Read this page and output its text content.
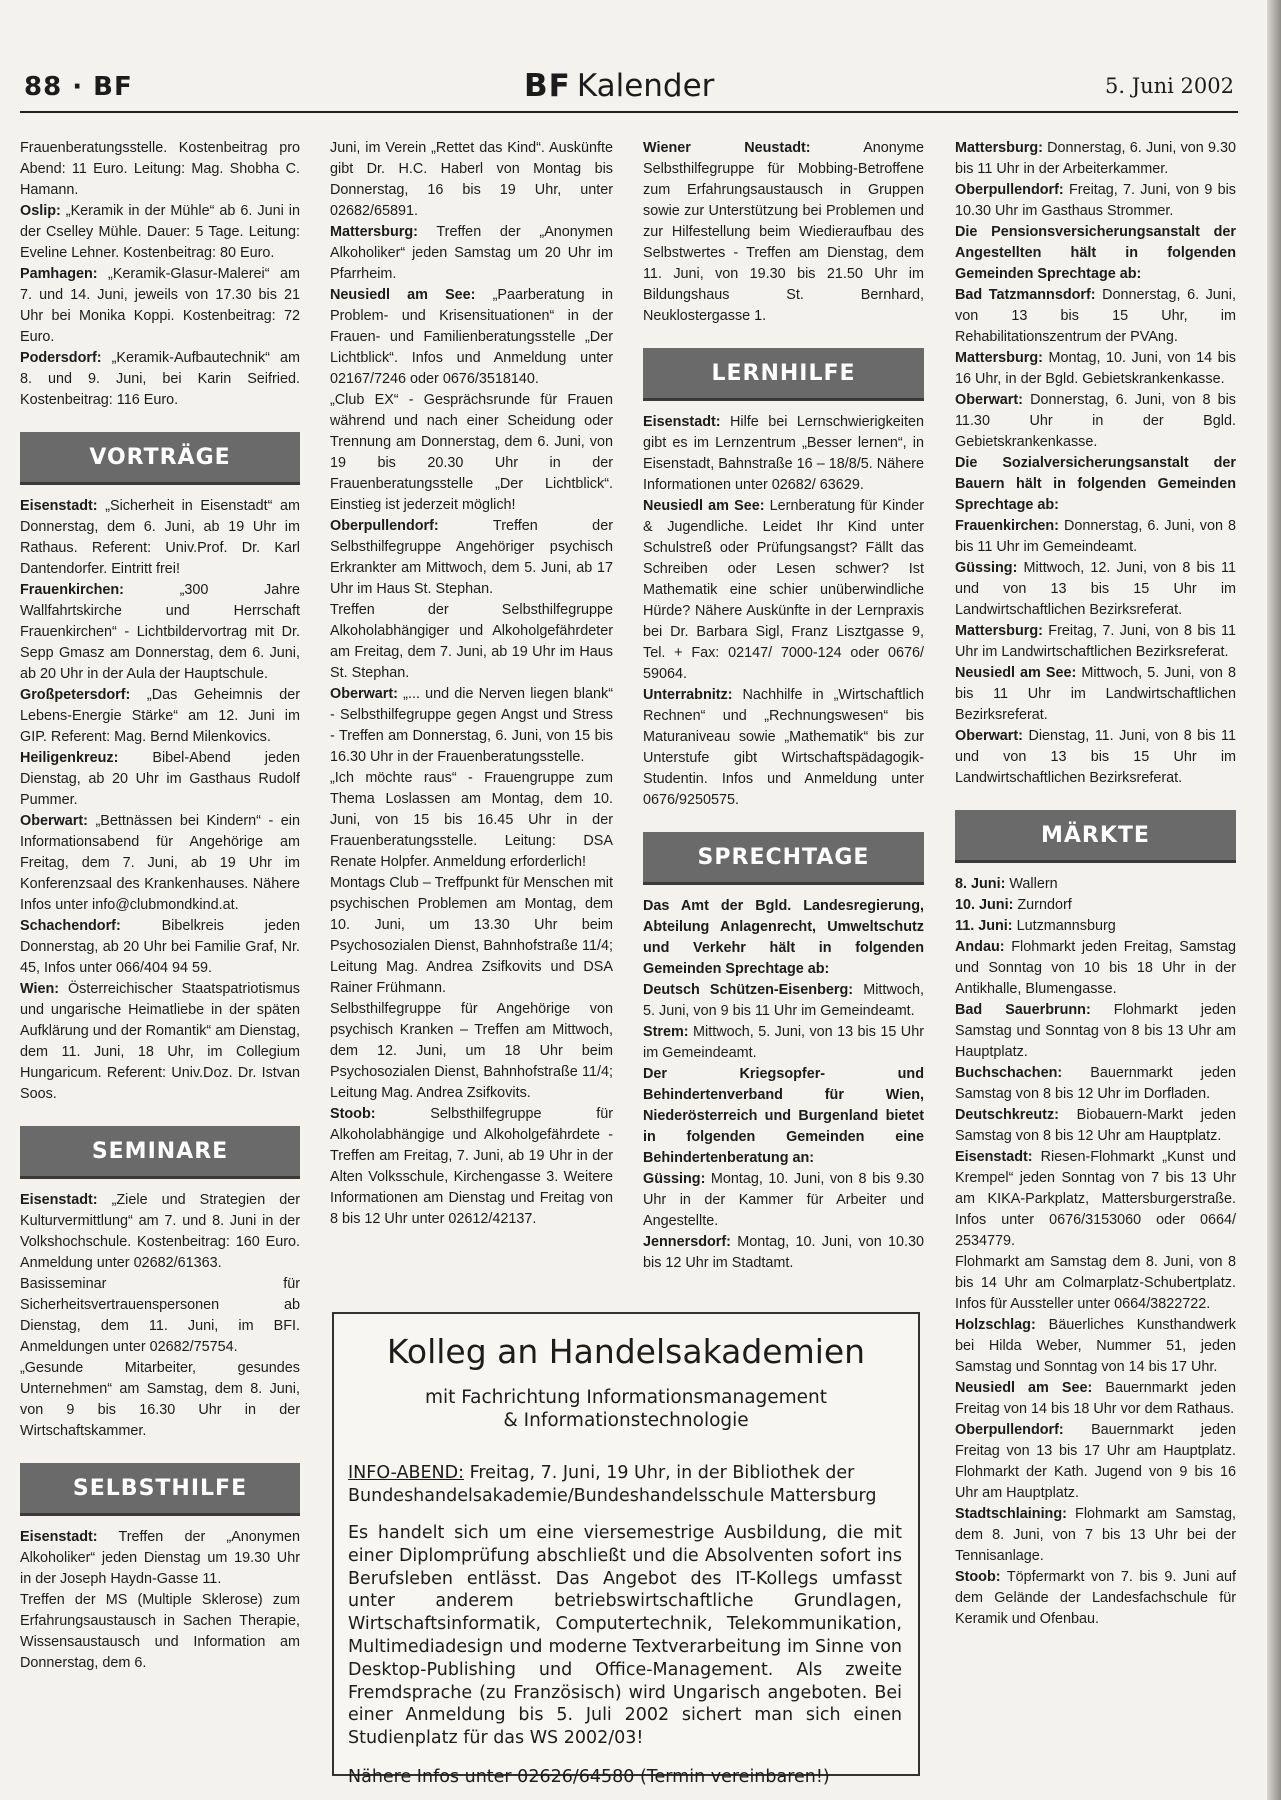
88 · BF	BF Kalender	5. Juni 2002

Frauenberatungsstelle. Kostenbeitrag pro Abend: 11 Euro. Leitung: Mag. Shobha C. Hamann.

Oslip: „Keramik in der Mühle“ ab 6. Juni in der Cselley Mühle. Dauer: 5 Tage. Leitung: Eveline Lehner. Kostenbeitrag: 80 Euro.

Pamhagen: „Keramik-Glasur-Malerei“ am 7. und 14. Juni, jeweils von 17.30 bis 21 Uhr bei Monika Koppi. Kostenbeitrag: 72 Euro.

Podersdorf: „Keramik-Aufbautechnik“ am 8. und 9. Juni, bei Karin Seifried. Kostenbeitrag: 116 Euro.

VORTRÄGE

Eisenstadt: „Sicherheit in Eisenstadt“ am Donnerstag, dem 6. Juni, ab 19 Uhr im Rathaus. Referent: Univ.Prof. Dr. Karl Dantendorfer. Eintritt frei!

Frauenkirchen: „300 Jahre Wallfahrtskirche und Herrschaft Frauenkirchen“ - Lichtbildervortrag mit Dr. Sepp Gmasz am Donnerstag, dem 6. Juni, ab 20 Uhr in der Aula der Hauptschule.

Großpetersdorf: „Das Geheimnis der Lebens-Energie Stärke“ am 12. Juni im GIP. Referent: Mag. Bernd Milenkovics.

Heiligenkreuz: Bibel-Abend jeden Dienstag, ab 20 Uhr im Gasthaus Rudolf Pummer.

Oberwart: „Bettnässen bei Kindern“ - ein Informationsabend für Angehörige am Freitag, dem 7. Juni, ab 19 Uhr im Konferenzsaal des Krankenhauses. Nähere Infos unter info@clubmondkind.at.

Schachendorf: Bibelkreis jeden Donnerstag, ab 20 Uhr bei Familie Graf, Nr. 45, Infos unter 066/404 94 59.

Wien: Österreichischer Staatspatriotismus und ungarische Heimatliebe in der späten Aufklärung und der Romantik“ am Dienstag, dem 11. Juni, 18 Uhr, im Collegium Hungaricum. Referent: Univ.Doz. Dr. Istvan Soos.

SEMINARE

Eisenstadt: „Ziele und Strategien der Kulturvermittlung“ am 7. und 8. Juni in der Volkshochschule. Kostenbeitrag: 160 Euro. Anmeldung unter 02682/61363.

Basisseminar für Sicherheitsvertrauenspersonen ab Dienstag, dem 11. Juni, im BFI. Anmeldungen unter 02682/75754.

„Gesunde Mitarbeiter, gesundes Unternehmen“ am Samstag, dem 8. Juni, von 9 bis 16.30 Uhr in der Wirtschaftskammer.

SELBSTHILFE

Eisenstadt: Treffen der „Anonymen Alkoholiker“ jeden Dienstag um 19.30 Uhr in der Joseph Haydn-Gasse 11.

Treffen der MS (Multiple Sklerose) zum Erfahrungsaustausch in Sachen Therapie, Wissensaustausch und Information am Donnerstag, dem 6.

Juni, im Verein „Rettet das Kind“. Auskünfte gibt Dr. H.C. Haberl von Montag bis Donnerstag, 16 bis 19 Uhr, unter 02682/65891.

Mattersburg: Treffen der „Anonymen Alkoholiker“ jeden Samstag um 20 Uhr im Pfarrheim.

Neusiedl am See: „Paarberatung in Problem- und Krisensituationen“ in der Frauen- und Familienberatungsstelle „Der Lichtblick“. Infos und Anmeldung unter 02167/7246 oder 0676/3518140.

„Club EX“ - Gesprächsrunde für Frauen während und nach einer Scheidung oder Trennung am Donnerstag, dem 6. Juni, von 19 bis 20.30 Uhr in der Frauenberatungsstelle „Der Lichtblick“. Einstieg ist jederzeit möglich!

Oberpullendorf: Treffen der Selbsthilfegruppe Angehöriger psychisch Erkrankter am Mittwoch, dem 5. Juni, ab 17 Uhr im Haus St. Stephan.

Treffen der Selbsthilfegruppe Alkoholabhängiger und Alkoholgefährdeter am Freitag, dem 7. Juni, ab 19 Uhr im Haus St. Stephan.

Oberwart: „... und die Nerven liegen blank“ - Selbsthilfegruppe gegen Angst und Stress - Treffen am Donnerstag, 6. Juni, von 15 bis 16.30 Uhr in der Frauenberatungsstelle.

„Ich möchte raus“ - Frauengruppe zum Thema Loslassen am Montag, dem 10. Juni, von 15 bis 16.45 Uhr in der Frauenberatungsstelle. Leitung: DSA Renate Holpfer. Anmeldung erforderlich!

Montags Club – Treffpunkt für Menschen mit psychischen Problemen am Montag, dem 10. Juni, um 13.30 Uhr beim Psychosozialen Dienst, Bahnhofstraße 11/4; Leitung Mag. Andrea Zsifkovits und DSA Rainer Frühmann.

Selbsthilfegruppe für Angehörige von psychisch Kranken – Treffen am Mittwoch, dem 12. Juni, um 18 Uhr beim Psychosozialen Dienst, Bahnhofstraße 11/4; Leitung Mag. Andrea Zsifkovits.

Stoob: Selbsthilfegruppe für Alkoholabhängige und Alkoholgefährdete - Treffen am Freitag, 7. Juni, ab 19 Uhr in der Alten Volksschule, Kirchengasse 3. Weitere Informationen am Dienstag und Freitag von 8 bis 12 Uhr unter 02612/42137.

Wiener Neustadt: Anonyme Selbsthilfegruppe für Mobbing-Betroffene zum Erfahrungsaustausch in Gruppen sowie zur Unterstützung bei Problemen und zur Hilfestellung beim Wiedieraufbau des Selbstwertes - Treffen am Dienstag, dem 11. Juni, von 19.30 bis 21.50 Uhr im Bildungshaus St. Bernhard, Neuklostergasse 1.

LERNHILFE

Eisenstadt: Hilfe bei Lernschwierigkeiten gibt es im Lernzentrum „Besser lernen“, in Eisenstadt, Bahnstraße 16 – 18/8/5. Nähere Informationen unter 02682/ 63629.

Neusiedl am See: Lernberatung für Kinder & Jugendliche. Leidet Ihr Kind unter Schulstreß oder Prüfungsangst? Fällt das Schreiben oder Lesen schwer? Ist Mathematik eine schier unüberwindliche Hürde? Nähere Auskünfte in der Lernpraxis bei Dr. Barbara Sigl, Franz Lisztgasse 9, Tel. + Fax: 02147/ 7000-124 oder 0676/ 59064.

Unterrabnitz: Nachhilfe in „Wirtschaftlich Rechnen“ und „Rechnungswesen“ bis Maturaniveau sowie „Mathematik“ bis zur Unterstufe gibt Wirtschaftspädagogik-Studentin. Infos und Anmeldung unter 0676/9250575.

SPRECHTAGE

Das Amt der Bgld. Landesregierung, Abteilung Anlagenrecht, Umweltschutz und Verkehr hält in folgenden Gemeinden Sprechtage ab:

Deutsch Schützen-Eisenberg: Mittwoch, 5. Juni, von 9 bis 11 Uhr im Gemeindeamt.

Strem: Mittwoch, 5. Juni, von 13 bis 15 Uhr im Gemeindeamt.

Der Kriegsopfer- und Behindertenverband für Wien, Niederösterreich und Burgenland bietet in folgenden Gemeinden eine Behindertenberatung an:

Güssing: Montag, 10. Juni, von 8 bis 9.30 Uhr in der Kammer für Arbeiter und Angestellte.

Jennersdorf: Montag, 10. Juni, von 10.30 bis 12 Uhr im Stadtamt.

Mattersburg: Donnerstag, 6. Juni, von 9.30 bis 11 Uhr in der Arbeiterkammer.

Oberpullendorf: Freitag, 7. Juni, von 9 bis 10.30 Uhr im Gasthaus Strommer.

Die Pensionsversicherungsanstalt der Angestellten hält in folgenden Gemeinden Sprechtage ab:

Bad Tatzmannsdorf: Donnerstag, 6. Juni, von 13 bis 15 Uhr, im Rehabilitationszentrum der PVAng.

Mattersburg: Montag, 10. Juni, von 14 bis 16 Uhr, in der Bgld. Gebietskrankenkasse.

Oberwart: Donnerstag, 6. Juni, von 8 bis 11.30 Uhr in der Bgld. Gebietskrankenkasse.

Die Sozialversicherungsanstalt der Bauern hält in folgenden Gemeinden Sprechtage ab:

Frauenkirchen: Donnerstag, 6. Juni, von 8 bis 11 Uhr im Gemeindeamt.

Güssing: Mittwoch, 12. Juni, von 8 bis 11 und von 13 bis 15 Uhr im Landwirtschaftlichen Bezirksreferat.

Mattersburg: Freitag, 7. Juni, von 8 bis 11 Uhr im Landwirtschaftlichen Bezirksreferat.

Neusiedl am See: Mittwoch, 5. Juni, von 8 bis 11 Uhr im Landwirtschaftlichen Bezirksreferat.

Oberwart: Dienstag, 11. Juni, von 8 bis 11 und von 13 bis 15 Uhr im Landwirtschaftlichen Bezirksreferat.

MÄRKTE

8. Juni: Wallern

10. Juni: Zurndorf

11. Juni: Lutzmannsburg

Andau: Flohmarkt jeden Freitag, Samstag und Sonntag von 10 bis 18 Uhr in der Antikhalle, Blumengasse.

Bad Sauerbrunn: Flohmarkt jeden Samstag und Sonntag von 8 bis 13 Uhr am Hauptplatz.

Buchschachen: Bauernmarkt jeden Samstag von 8 bis 12 Uhr im Dorfladen.

Deutschkreutz: Biobauern-Markt jeden Samstag von 8 bis 12 Uhr am Hauptplatz.

Eisenstadt: Riesen-Flohmarkt „Kunst und Krempel“ jeden Sonntag von 7 bis 13 Uhr am KIKA-Parkplatz, Mattersburgerstraße. Infos unter 0676/3153060 oder 0664/ 2534779.

Flohmarkt am Samstag dem 8. Juni, von 8 bis 14 Uhr am Colmarplatz-Schubertplatz. Infos für Aussteller unter 0664/3822722.

Holzschlag: Bäuerliches Kunsthandwerk bei Hilda Weber, Nummer 51, jeden Samstag und Sonntag von 14 bis 17 Uhr.

Neusiedl am See: Bauernmarkt jeden Freitag von 14 bis 18 Uhr vor dem Rathaus.

Oberpullendorf: Bauernmarkt jeden Freitag von 13 bis 17 Uhr am Hauptplatz. Flohmarkt der Kath. Jugend von 9 bis 16 Uhr am Hauptplatz.

Stadtschlaining: Flohmarkt am Samstag, dem 8. Juni, von 7 bis 13 Uhr bei der Tennisanlage.

Stoob: Töpfermarkt von 7. bis 9. Juni auf dem Gelände der Landesfachschule für Keramik und Ofenbau.

Kolleg an Handelsakademien
mit Fachrichtung Informationsmanagement
& Informationstechnologie
INFO-ABEND: Freitag, 7. Juni, 19 Uhr, in der Bibliothek der Bundeshandelsakademie/Bundeshandelsschule Mattersburg
Es handelt sich um eine viersemestrige Ausbildung, die mit einer Diplomprüfung abschließt und die Absolventen sofort ins Berufsleben entlässt. Das Angebot des IT-Kollegs umfasst unter anderem betriebswirtschaftliche Grundlagen, Wirtschaftsinformatik, Computertechnik, Telekommunikation, Multimediadesign und moderne Textverarbeitung im Sinne von Desktop-Publishing und Office-Management. Als zweite Fremdsprache (zu Französisch) wird Ungarisch angeboten. Bei einer Anmeldung bis 5. Juli 2002 sichert man sich einen Studienplatz für das WS 2002/03!
Nähere Infos unter 02626/64580 (Termin vereinbaren!)
